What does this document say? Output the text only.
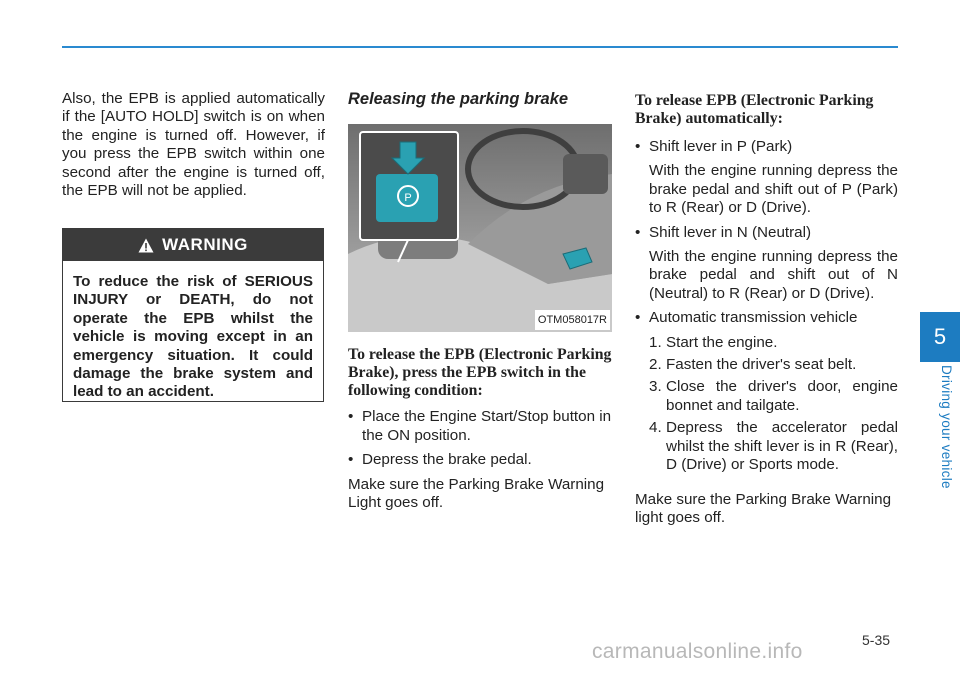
Also, the EPB is applied automatically if the [AUTO HOLD] switch is on when the engine is turned off. However, if you press the EPB switch within one second after the engine is turned off, the EPB will not be applied.

WARNING
To reduce the risk of SERIOUS INJURY or DEATH, do not operate the EPB whilst the vehicle is moving except in an emergency situation. It could damage the brake system and lead to an accident.

Releasing the parking brake

P
OTM058017R

To release the EPB (Electronic Parking Brake), press the EPB switch in the following condition:

• Place the Engine Start/Stop button in the ON position.

• Depress the brake pedal.

Make sure the Parking Brake Warning Light goes off.

To release EPB (Electronic Parking Brake) automatically:

• Shift lever in P (Park)

With the engine running depress the brake pedal and shift out of P (Park) to R (Rear) or D (Drive).

• Shift lever in N (Neutral)

With the engine running depress the brake pedal and shift out of N (Neutral) to R (Rear) or D (Drive).

• Automatic transmission vehicle

1. Start the engine.

2. Fasten the driver's seat belt.

3. Close the driver's door, engine bonnet and tailgate.

4. Depress the accelerator pedal whilst the shift lever is in R (Rear), D (Drive) or Sports mode.

Make sure the Parking Brake Warning light goes off.

5
Driving your vehicle
5-35
carmanualsonline.info
